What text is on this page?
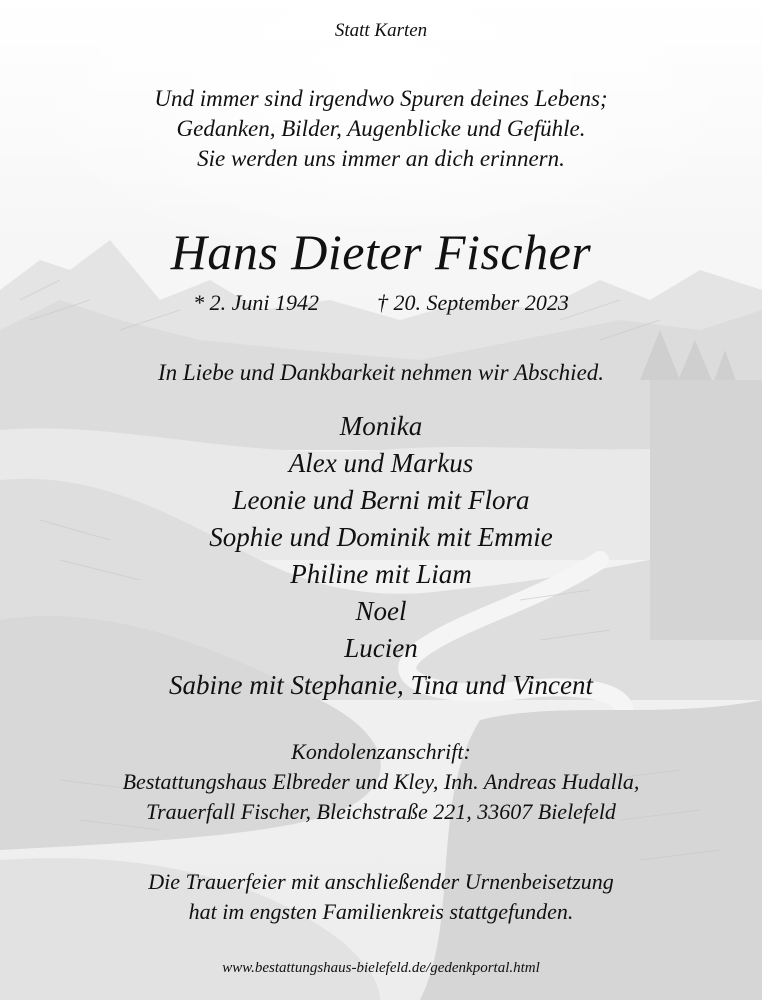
Statt Karten
Und immer sind irgendwo Spuren deines Lebens;
Gedanken, Bilder, Augenblicke und Gefühle.
Sie werden uns immer an dich erinnern.
Hans Dieter Fischer
* 2. Juni 1942	† 20. September 2023
In Liebe und Dankbarkeit nehmen wir Abschied.
Monika
Alex und Markus
Leonie und Berni mit Flora
Sophie und Dominik mit Emmie
Philine mit Liam
Noel
Lucien
Sabine mit Stephanie, Tina und Vincent
Kondolenzanschrift:
Bestattungshaus Elbreder und Kley, Inh. Andreas Hudalla,
Trauerfall Fischer, Bleichstraße 221, 33607 Bielefeld
Die Trauerfeier mit anschließender Urnenbeisetzung
hat im engsten Familienkreis stattgefunden.
www.bestattungshaus-bielefeld.de/gedenkportal.html
